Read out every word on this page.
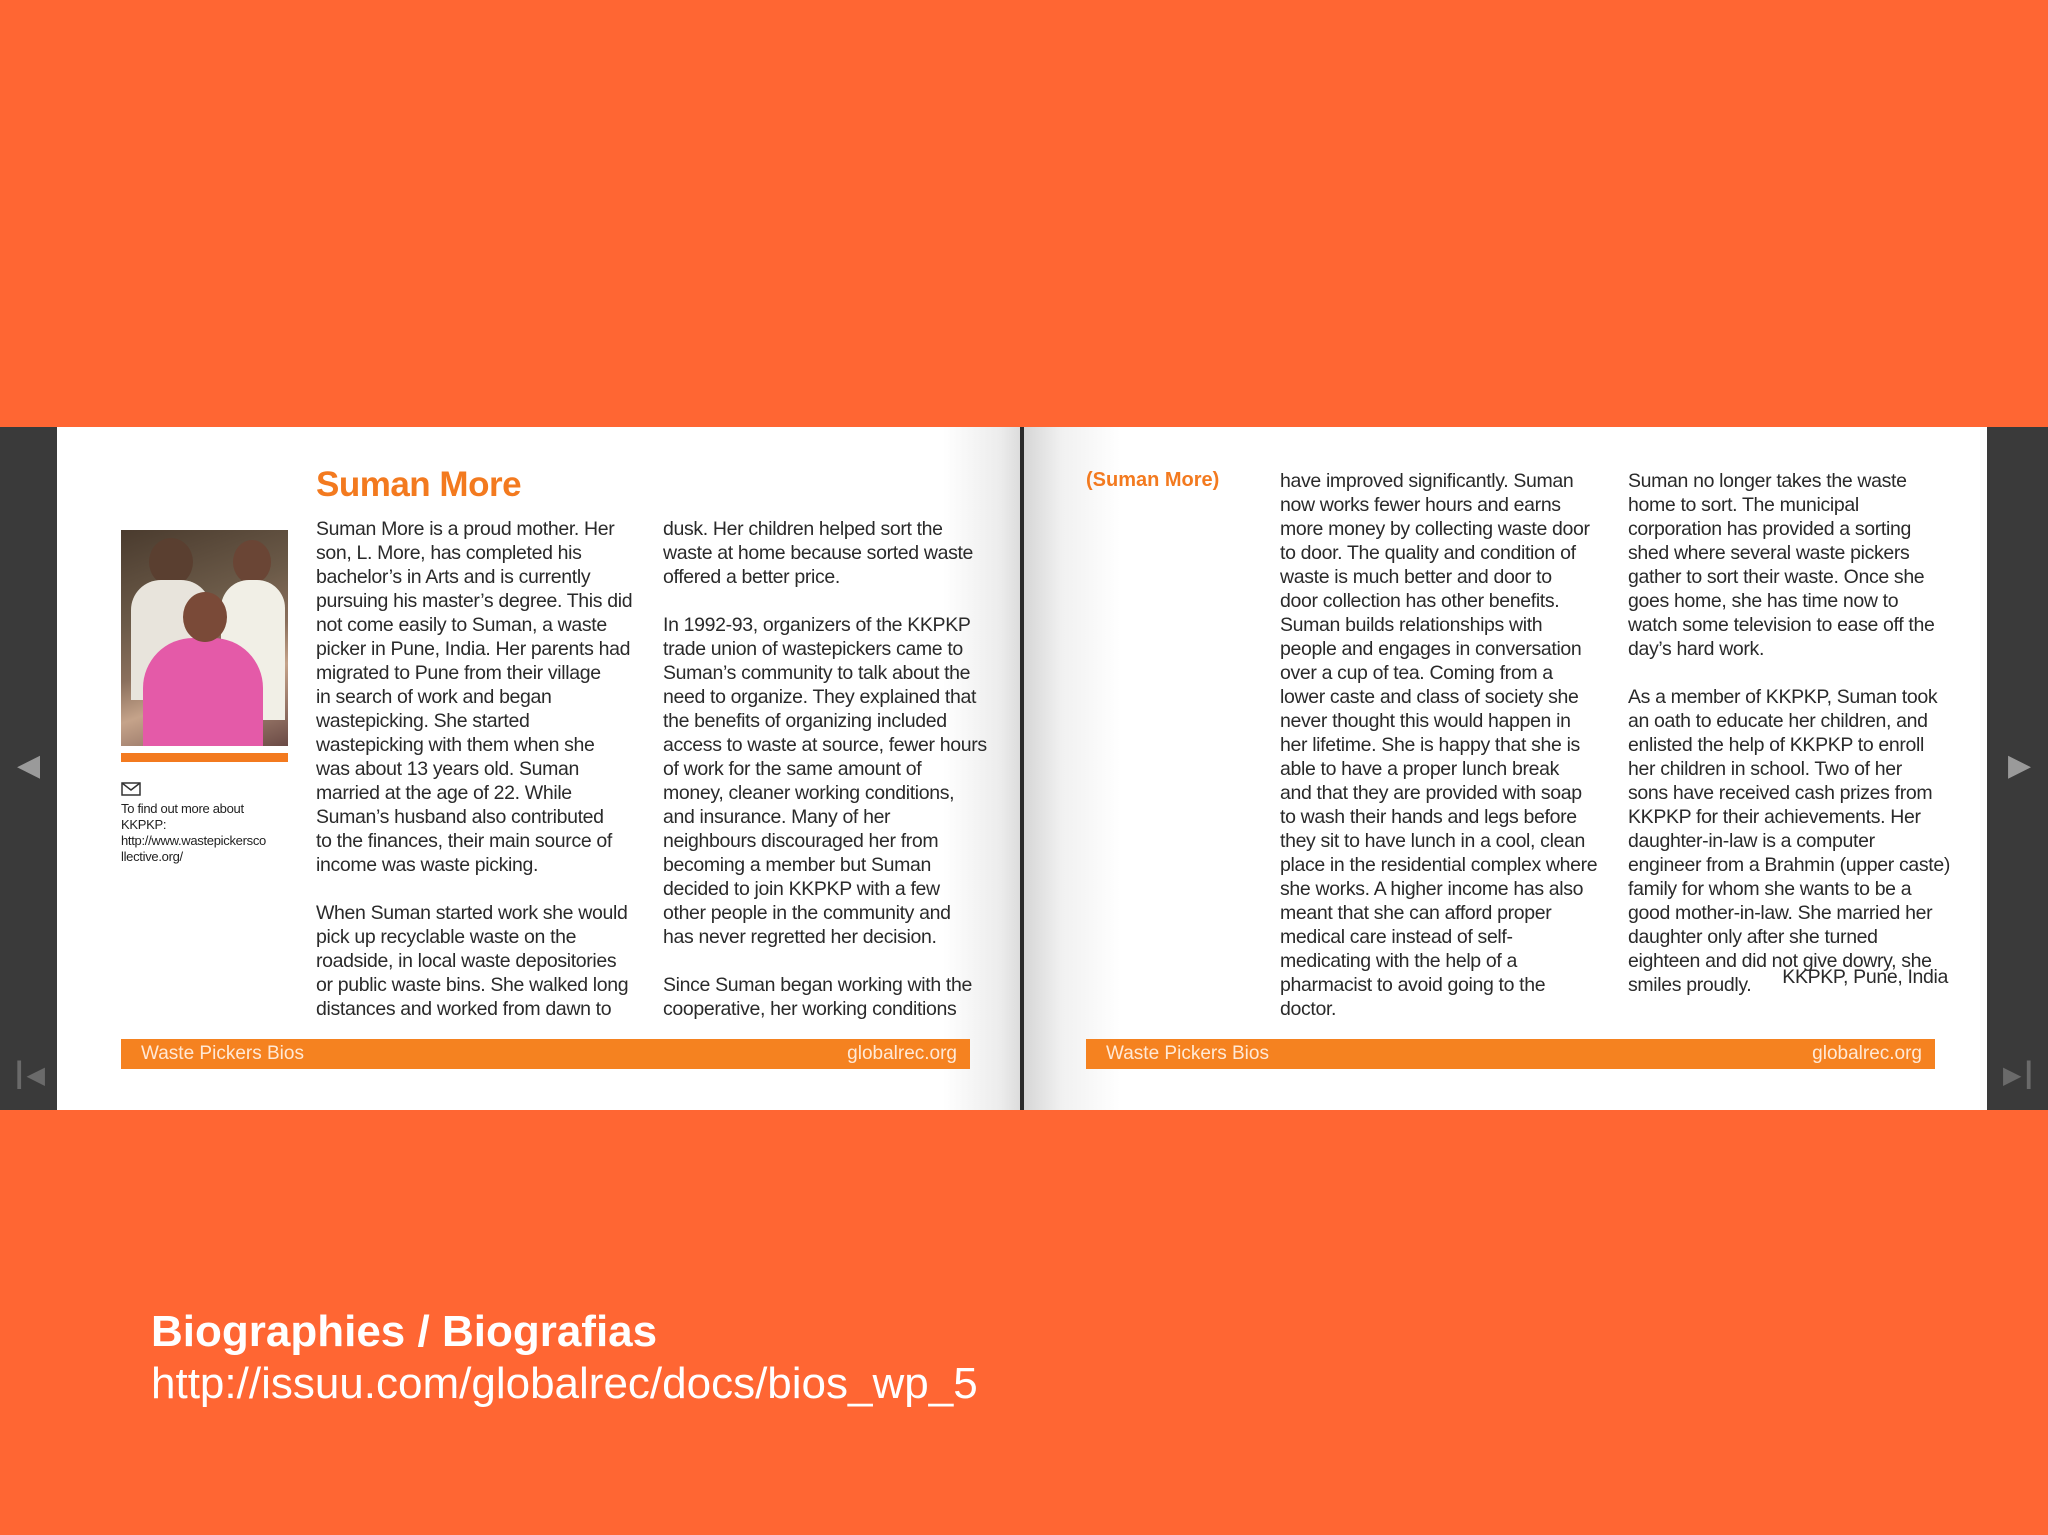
Suman More
To find out more about
KKPKP:
http://www.wastepickersco
llective.org/

Suman More is a proud mother. Her
son, L. More, has completed his
bachelor’s in Arts and is currently
pursuing his master’s degree. This did
not come easily to Suman, a waste
picker in Pune, India. Her parents had
migrated to Pune from their village
in search of work and began
wastepicking. She started
wastepicking with them when she
was about 13 years old. Suman
married at the age of 22. While
Suman’s husband also contributed
to the finances, their main source of
income was waste picking.

When Suman started work she would
pick up recyclable waste on the
roadside, in local waste depositories
or public waste bins. She walked long
distances and worked from dawn to

dusk. Her children helped sort the
waste at home because sorted waste
offered a better price.

In 1992-93, organizers of the KKPKP
trade union of wastepickers came to
Suman’s community to talk about the
need to organize. They explained that
the benefits of organizing included
access to waste at source, fewer hours
of work for the same amount of
money, cleaner working conditions,
and insurance. Many of her
neighbours discouraged her from
becoming a member but Suman
decided to join KKPKP with a few
other people in the community and
has never regretted her decision.

Since Suman began working with the
cooperative, her working conditions

Waste Pickers Bios	globalrec.org
(Suman More)	have improved significantly. Suman
now works fewer hours and earns
more money by collecting waste door
to door. The quality and condition of
waste is much better and door to
door collection has other benefits.
Suman builds relationships with
people and engages in conversation
over a cup of tea. Coming from a
lower caste and class of society she
never thought this would happen in
her lifetime. She is happy that she is
able to have a proper lunch break
and that they are provided with soap
to wash their hands and legs before
they sit to have lunch in a cool, clean
place in the residential complex where
she works. A higher income has also
meant that she can afford proper
medical care instead of self-
medicating with the help of a
pharmacist to avoid going to the
doctor.

Suman no longer takes the waste
home to sort. The municipal
corporation has provided a sorting
shed where several waste pickers
gather to sort their waste. Once she
goes home, she has time now to
watch some television to ease off the
day’s hard work.

As a member of KKPKP, Suman took
an oath to educate her children, and
enlisted the help of KKPKP to enroll
her children in school. Two of her
sons have received cash prizes from
KKPKP for their achievements. Her
daughter-in-law is a computer
engineer from a Brahmin (upper caste)
family for whom she wants to be a
good mother-in-law. She married her
daughter only after she turned
eighteen and did not give dowry, she
smiles proudly.	KKPKP, Pune, India
Waste Pickers Bios	globalrec.org
◀	▶
┃◀	▶┃
Biographies / Biografias
http://issuu.com/globalrec/docs/bios_wp_5
